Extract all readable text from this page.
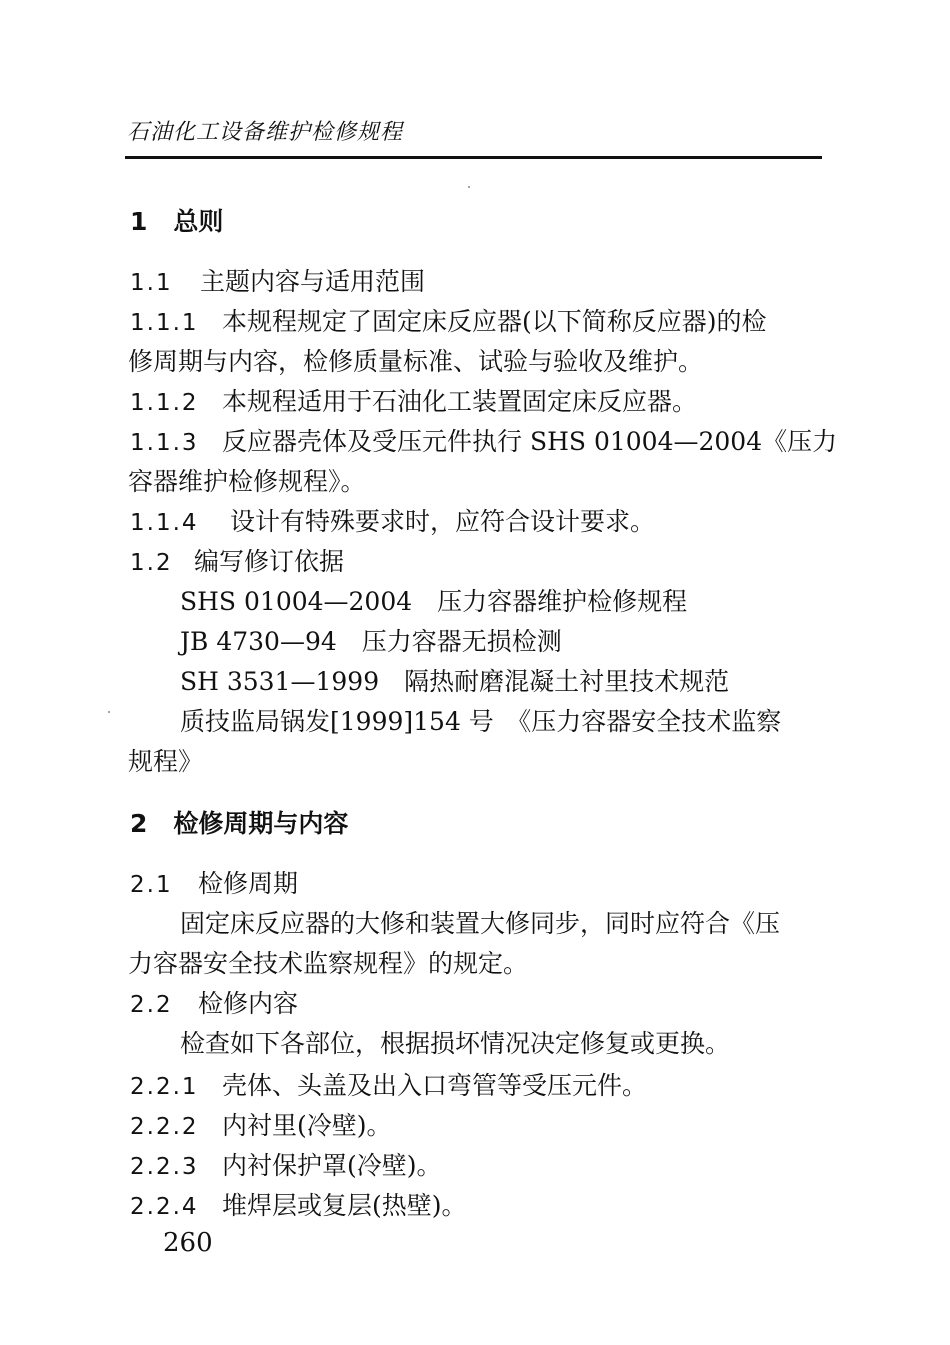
石油化工设备维护检修规程
1 总则
1.1 主题内容与适用范围
1.1.1 本规程规定了固定床反应器(以下简称反应器)的检
修周期与内容，检修质量标准、试验与验收及维护。
1.1.2 本规程适用于石油化工装置固定床反应器。
1.1.3 反应器壳体及受压元件执行 SHS 01004—2004《压力
容器维护检修规程》。
1.1.4 设计有特殊要求时，应符合设计要求。
1.2 编写修订依据
SHS 01004—2004　压力容器维护检修规程
JB 4730—94　压力容器无损检测
SH 3531—1999　隔热耐磨混凝土衬里技术规范
质技监局锅发[1999]154 号　《压力容器安全技术监察
规程》
2 检修周期与内容
2.1 检修周期
固定床反应器的大修和装置大修同步，同时应符合《压
力容器安全技术监察规程》的规定。
2.2 检修内容
检查如下各部位，根据损坏情况决定修复或更换。
2.2.1 壳体、头盖及出入口弯管等受压元件。
2.2.2 内衬里(冷壁)。
2.2.3 内衬保护罩(冷壁)。
2.2.4 堆焊层或复层(热壁)。
260
